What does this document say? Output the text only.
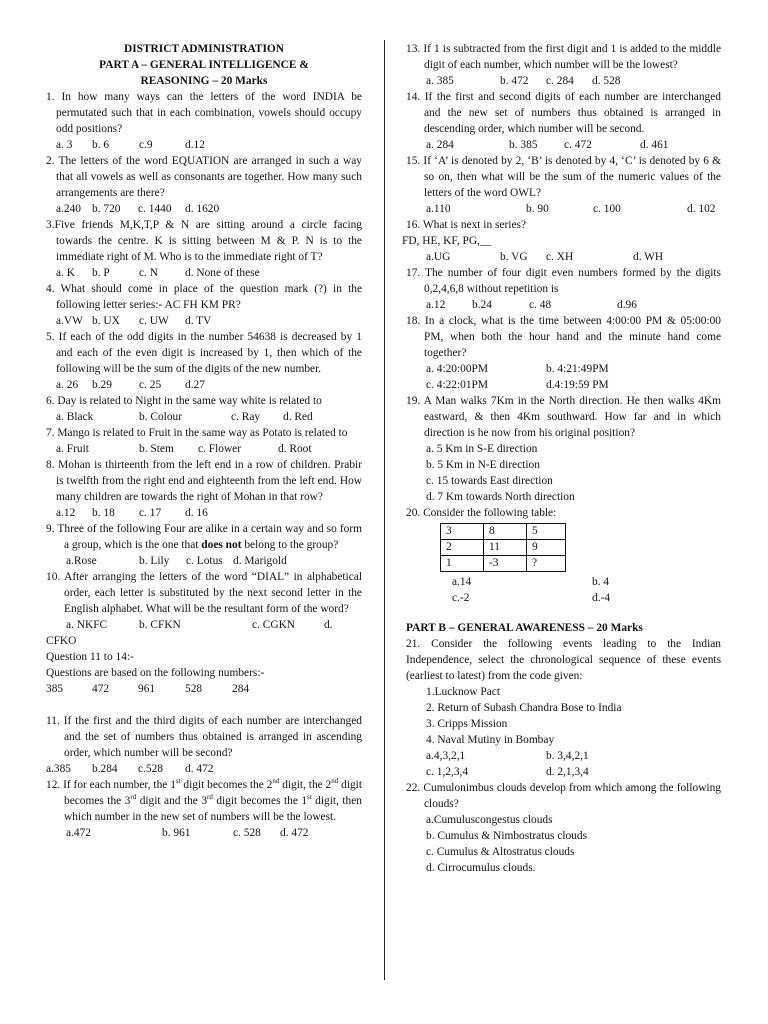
DISTRICT ADMINISTRATION
PART A – GENERAL INTELLIGENCE &
REASONING – 20 Marks
1. In how many ways can the letters of the word INDIA be permutated such that in each combination, vowels should occupy odd positions?
a. 3	b. 6	c.9	d.12
2. The letters of the word EQUATION are arranged in such a way that all vowels as well as consonants are together. How many such arrangements are there?
a.240 b. 720	c. 1440	d. 1620
3.Five friends M,K,T,P & N are sitting around a circle facing towards the centre. K is sitting between M & P. N is to the immediate right of M. Who is to the immediate right of T?
a. K	b. P	c. N	d. None of these
4. What should come in place of the question mark (?) in the following letter series:- AC FH KM PR?
a.VW b. UX	c. UW	d. TV
5. If each of the odd digits in the number 54638 is decreased by 1 and each of the even digit is increased by 1, then which of the following will be the sum of the digits of the new number.
a. 26	b.29	c. 25	d.27
6. Day is related to Night in the same way white is related to
a. Black	b. Colour	c. Ray	d. Red
7. Mango is related to Fruit in the same way as Potato is related to
a. Fruit	b. Stem	c. Flower	d. Root
8. Mohan is thirteenth from the left end in a row of children. Prabir is twelfth from the right end and eighteenth from the left end. How many children are towards the right of Mohan in that row?
a.12	b. 18	c. 17	d. 16
9. Three of the following Four are alike in a certain way and so form a group, which is the one that does not belong to the group?
a.Rose	b. Lily	c. Lotus d. Marigold
10. After arranging the letters of the word “DIAL” in alphabetical order, each letter is substituted by the next second letter in the English alphabet. What will be the resultant form of the word?
a. NKFC	b. CFKN	c. CGKN	d.
CFKO
Question 11 to 14:-
Questions are based on the following numbers:-
385	472	961	528	284
11. If the first and the third digits of each number are interchanged and the set of numbers thus obtained is arranged in ascending order, which number will be second?
a.385	b.284	c.528	d. 472
12. If for each number, the 1st digit becomes the 2nd digit, the 2nd digit becomes the 3rd digit and the 3rd digit becomes the 1st digit, then which number in the new set of numbers will be the lowest.
a.472	b. 961	c. 528	d. 472
13. If 1 is subtracted from the first digit and 1 is added to the middle digit of each number, which number will be the lowest?
a. 385	b. 472	c. 284	d. 528
14. If the first and second digits of each number are interchanged and the new set of numbers thus obtained is arranged in descending order, which number will be second.
a. 284	b. 385	c. 472	d. 461
15. If ‘A’ is denoted by 2, ‘B’ is denoted by 4, ‘C’ is denoted by 6 & so on, then what will be the sum of the numeric values of the letters of the word OWL?
a.110	b. 90	c. 100	d. 102
16. What is next in series?
FD, HE, KF, PG,__
a.UG	b. VG	c. XH	d. WH
17. The number of four digit even numbers formed by the digits 0,2,4,6,8 without repetition is
a.12	b.24	c. 48	d.96
18. In a clock, what is the time between 4:00:00 PM & 05:00:00 PM, when both the hour hand and the minute hand come together?
a. 4:20:00PM	b. 4:21:49PM
c. 4:22:01PM	d.4:19:59 PM
19. A Man walks 7Km in the North direction. He then walks 4Km eastward, & then 4Km southward. How far and in which direction is he now from his original position?
a. 5 Km in S-E direction
b. 5 Km in N-E direction
c. 15 towards East direction
d. 7 Km towards North direction
20. Consider the following table:
3	8	5
2	11	9
1	-3	?
a.14	b. 4
c.-2	d.-4
PART B – GENERAL AWARENESS – 20 Marks
21. Consider the following events leading to the Indian Independence, select the chronological sequence of these events (earliest to latest) from the code given:
1.Lucknow Pact
2. Return of Subash Chandra Bose to India
3. Cripps Mission
4. Naval Mutiny in Bombay
a.4,3,2,1	b. 3,4,2,1
c. 1,2,3,4	d. 2,1,3,4
22. Cumulonimbus clouds develop from which among the following clouds?
a.Cumuluscongestus clouds
b. Cumulus & Nimbostratus clouds
c. Cumulus & Altostratus clouds
d. Cirrocumulus clouds.
